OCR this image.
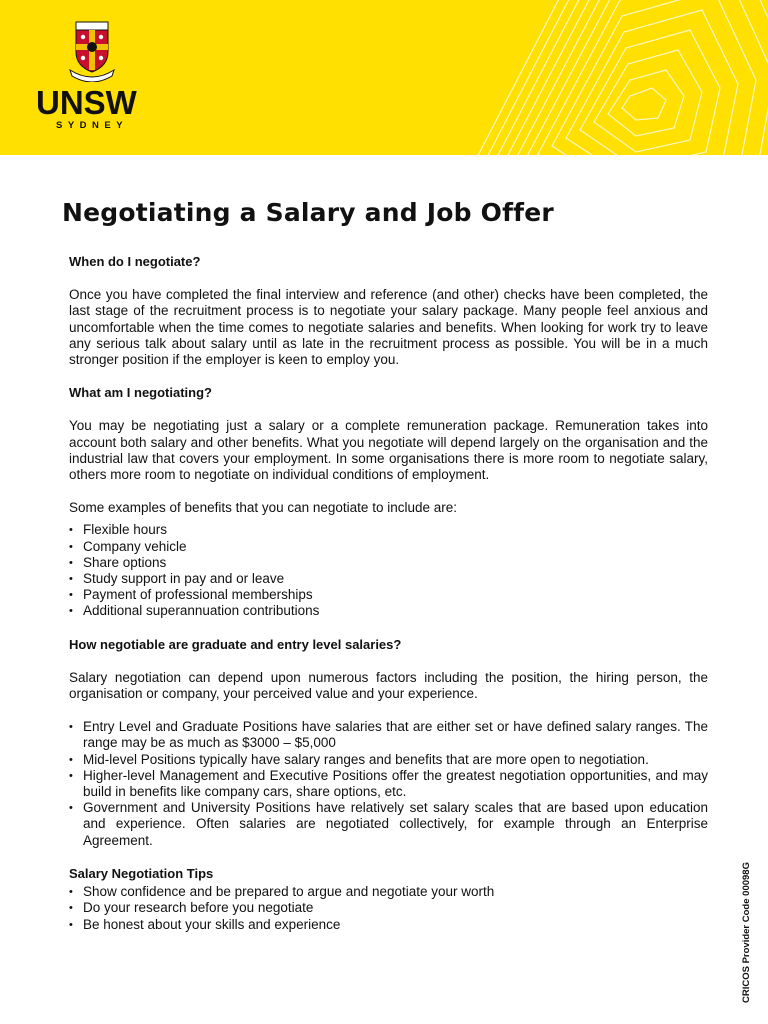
UNSW
SYDNEY
Negotiating a Salary and Job Offer
When do I negotiate?

Once you have completed the final interview and reference (and other) checks have been completed, the last stage of the recruitment process is to negotiate your salary package. Many people feel anxious and uncomfortable when the time comes to negotiate salaries and benefits. When looking for work try to leave any serious talk about salary until as late in the recruitment process as possible. You will be in a much stronger position if the employer is keen to employ you.

What am I negotiating?

You may be negotiating just a salary or a complete remuneration package. Remuneration takes into account both salary and other benefits. What you negotiate will depend largely on the organisation and the industrial law that covers your employment. In some organisations there is more room to negotiate salary, others more room to negotiate on individual conditions of employment.

Some examples of benefits that you can negotiate to include are:

• Flexible hours
• Company vehicle
• Share options
• Study support in pay and or leave
• Payment of professional memberships
• Additional superannuation contributions
How negotiable are graduate and entry level salaries?

Salary negotiation can depend upon numerous factors including the position, the hiring person, the organisation or company, your perceived value and your experience.

• Entry Level and Graduate Positions have salaries that are either set or have defined salary ranges. The range may be as much as $3000 – $5,000
• Mid-level Positions typically have salary ranges and benefits that are more open to negotiation.
• Higher-level Management and Executive Positions offer the greatest negotiation opportunities, and may build in benefits like company cars, share options, etc.
• Government and University Positions have relatively set salary scales that are based upon education and experience. Often salaries are negotiated collectively, for example through an Enterprise Agreement.
Salary Negotiation Tips
• Show confidence and be prepared to argue and negotiate your worth
• Do your research before you negotiate
• Be honest about your skills and experience	CRICOS Provider Code 00098G
